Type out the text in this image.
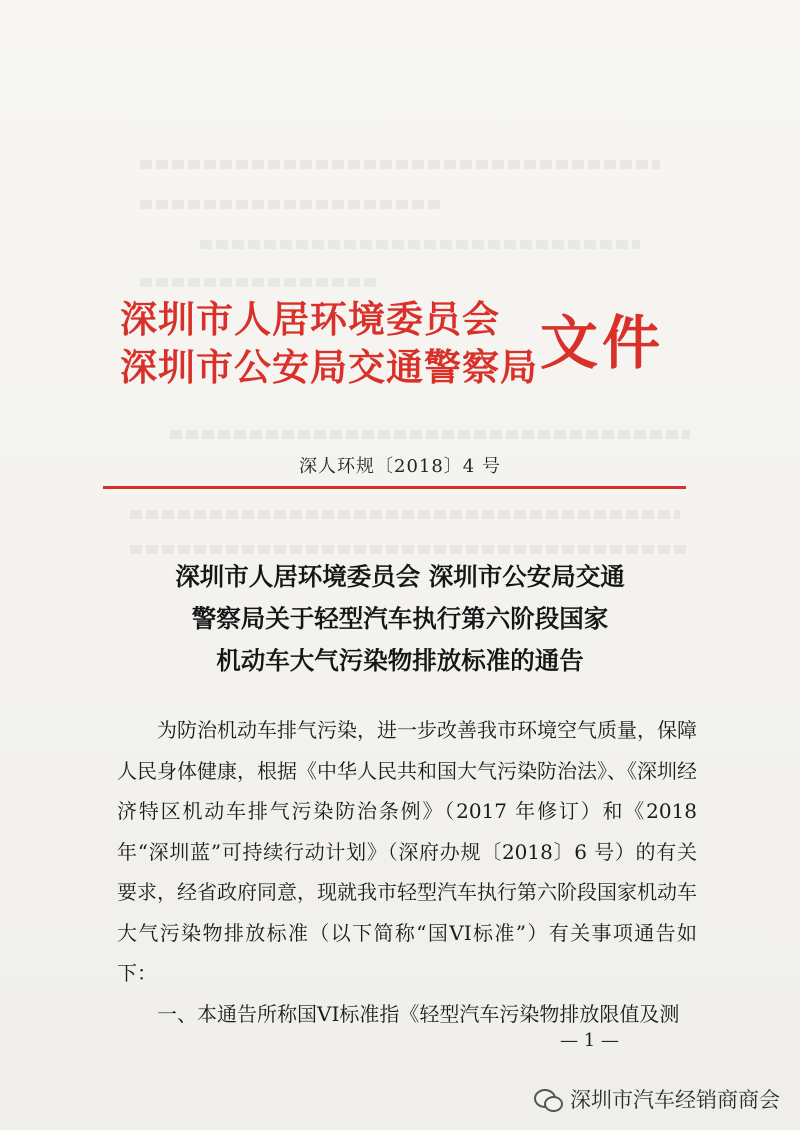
深圳市人居环境委员会
深圳市公安局交通警察局 文件
深人环规〔2018〕4 号
深圳市人居环境委员会 深圳市公安局交通
警察局关于轻型汽车执行第六阶段国家
机动车大气污染物排放标准的通告

为防治机动车排气污染，进一步改善我市环境空气质量，保障人民身体健康，根据《中华人民共和国大气污染防治法》、《深圳经济特区机动车排气污染防治条例》（2017 年修订）和《2018 年“深圳蓝”可持续行动计划》（深府办规〔2018〕6 号）的有关要求，经省政府同意，现就我市轻型汽车执行第六阶段国家机动车大气污染物排放标准（以下简称“国VI标准”）有关事项通告如下：

一、本通告所称国VI标准指《轻型汽车污染物排放限值及测

— 1 —
深圳市汽车经销商商会
